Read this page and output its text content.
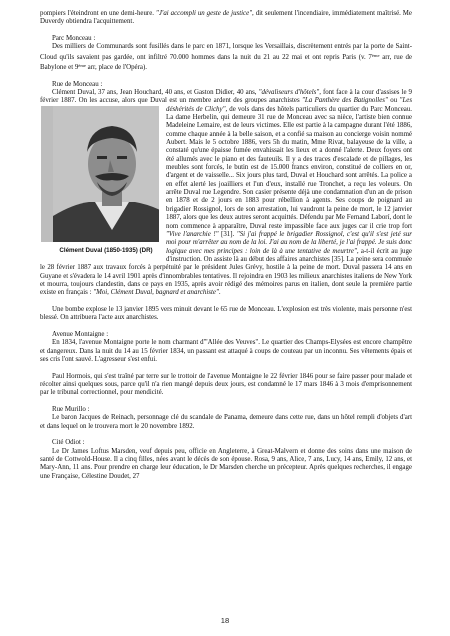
pompiers l'éteindront en une demi-heure. "J'ai accompli un geste de justice", dit seulement l'incendiaire, immédiatement maîtrisé. Me Duverdy obtiendra l'acquittement.

Parc Monceau :

Des milliers de Communards sont fusillés dans le parc en 1871, lorsque les Versaillais, discrètement entrés par la porte de Saint-Cloud qu'ils savaient pas gardée, ont infiltré 70.000 hommes dans la nuit du 21 au 22 mai et ont repris Paris (v. 7ème arr, rue de Babylone et 9ème arr, place de l'Opéra).

Rue de Monceau :

Clément Duval, 37 ans, Jean Houchard, 40 ans, et Gaston Didier, 40 ans, "dévaliseurs d'hôtels", font face à la cour d'assises le 9 février 1887. On les accuse, alors que Duval est un membre ardent des groupes anarchistes "La Panthère des Batignolles" ou "Les déshérités de Clichy"
Clément Duval (1850-1935) (DR)
, de vols dans des hôtels particuliers du quartier du Parc Monceau. La dame Herbelin, qui demeure 31 rue de Monceau avec sa nièce, l'artiste bien connue Madeleine Lemaire, est de leurs victimes. Elle est partie à la campagne durant l'été 1886, comme chaque année à la belle saison, et a confié sa maison au concierge voisin nommé Aubert. Mais le 5 octobre 1886, vers 5h du matin, Mme Rivat, balayeuse de la ville, a constaté qu'une épaisse fumée envahissait les lieux et a donné l'alerte. Deux foyers ont été allumés avec le piano et des fauteuils. Il y a des traces d'escalade et de pillages, les meubles sont forcés, le butin est de 15.000 francs environ, constitué de colliers en or, d'argent et de vaisselle... Six jours plus tard, Duval et Houchard sont arrêtés. La police a en effet alerté les joailliers et l'un d'eux, installé rue Tronchet, a reçu les voleurs. On arrête Duval rue Legendre. Son casier présente déjà une condamnation d'un an de prison en 1878 et de 2 jours en 1883 pour rébellion à agents. Ses coups de poignard au brigadier Rossignol, lors de son arrestation, lui vaudront la peine de mort, le 12 janvier 1887, alors que les deux autres seront acquittés. Défendu par Me Fernand Laborí, dont le nom commence à apparaître, Duval reste impassible face aux juges car il crie trop fort "Vive l'anarchie !" [31]. "Si j'ai frappé le brigadier Rossignol, c'est qu'il s'est jeté sur moi pour m'arrêter au nom de la loi. J'ai au nom de la liberté, je l'ai frappé. Je suis donc logique avec mes principes : loin de là à une tentative de meurtre", a-t-il écrit au juge d'instruction. On assiste là au début des affaires anarchistes [35]. La peine sera commuée le 28 février 1887 aux travaux forcés à perpétuité par le président Jules Grévy, hostile à la peine de mort. Duval passera 14 ans en Guyane et s'évadera le 14 avril 1901 après d'innombrables tentatives. Il rejoindra en 1903 les milieux anarchistes italiens de New York et mourra, toujours clandestin, dans ce pays en 1935, après avoir rédigé des mémoires parus en italien, dont seule la première partie existe en français : "Moi, Clément Duval, bagnard et anarchiste".

Une bombe explose le 13 janvier 1895 vers minuit devant le 65 rue de Monceau. L'explosion est très violente, mais personne n'est blessé. On attribuera l'acte aux anarchistes.

Avenue Montaigne :

En 1834, l'avenue Montaigne porte le nom charmant d'"Allée des Veuves". Le quartier des Champs-Elysées est encore champêtre et dangereux. Dans la nuit du 14 au 15 février 1834, un passant est attaqué à coups de couteau par un inconnu. Ses vêtements épais et ses cris l'ont sauvé. L'agresseur s'est enfui.

Paul Hormois, qui s'est traîné par terre sur le trottoir de l'avenue Montaigne le 22 février 1846 pour se faire passer pour malade et récolter ainsi quelques sous, parce qu'il n'a rien mangé depuis deux jours, est condamné le 17 mars 1846 à 3 mois d'emprisonnement par le tribunal correctionnel, pour mendicité.

Rue Murillo :

Le baron Jacques de Reinach, personnage clé du scandale de Panama, demeure dans cette rue, dans un hôtel rempli d'objets d'art et dans lequel on le trouvera mort le 20 novembre 1892.

Cité Odiot :

Le Dr James Loftus Marsden, veuf depuis peu, officie en Angleterre, à Great-Malvern et donne des soins dans une maison de santé de Cottwold-House. Il a cinq filles, nées avant le décès de son épouse. Rosa, 9 ans, Alice, 7 ans, Lucy, 14 ans, Emily, 12 ans, et Mary-Ann, 11 ans. Pour prendre en charge leur éducation, le Dr Marsden cherche un précepteur. Après quelques recherches, il engage une Française, Célestine Doudet, 27

18
